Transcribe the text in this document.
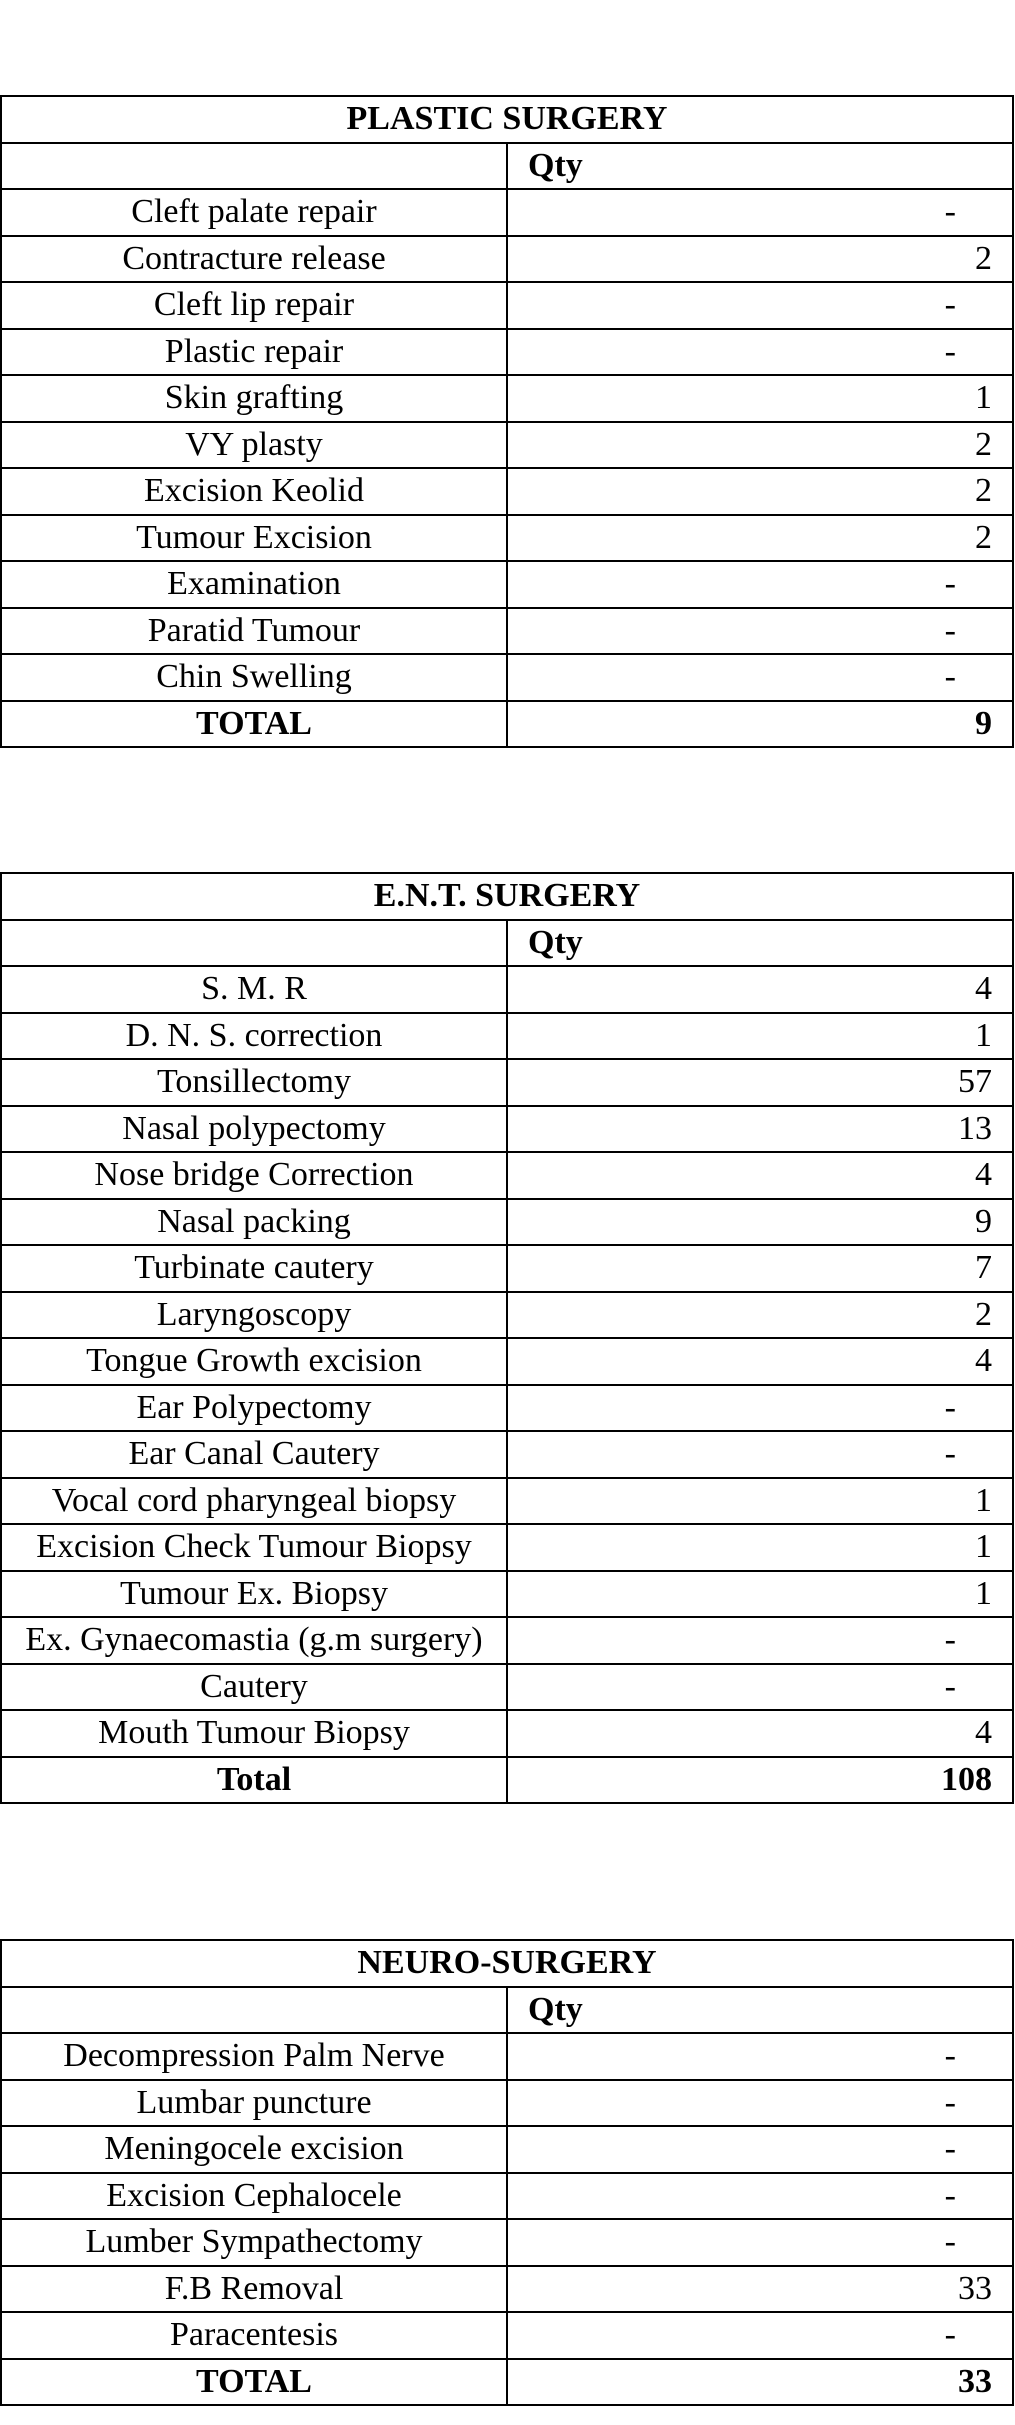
PLASTIC SURGERY	
	Qty
Cleft palate repair	-
Contracture release	2
Cleft lip repair	-
Plastic repair	-
Skin grafting	1
VY plasty	2
Excision Keolid	2
Tumour Excision	2
Examination	-
Paratid Tumour	-
Chin Swelling	-
TOTAL	9
E.N.T. SURGERY	
	Qty
S. M. R	4
D. N. S. correction	1
Tonsillectomy	57
Nasal polypectomy	13
Nose bridge Correction	4
Nasal packing	9
Turbinate cautery	7
Laryngoscopy	2
Tongue Growth excision	4
Ear Polypectomy	-
Ear Canal Cautery	-
Vocal cord pharyngeal biopsy	1
Excision Check Tumour Biopsy	1
Tumour Ex. Biopsy	1
Ex. Gynaecomastia (g.m surgery)	-
Cautery	-
Mouth Tumour Biopsy	4
Total	108
NEURO-SURGERY	
	Qty
Decompression Palm Nerve	-
Lumbar puncture	-
Meningocele excision	-
Excision Cephalocele	-
Lumber Sympathectomy	-
F.B Removal	33
Paracentesis	-
TOTAL	33
